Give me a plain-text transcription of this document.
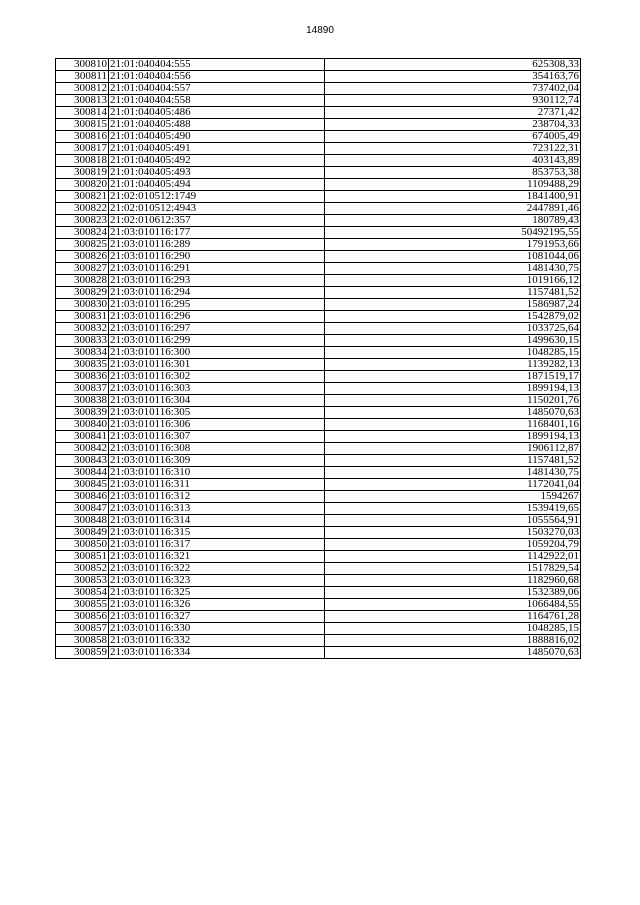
14890
300810	21:01:040404:555	625308,33
300811	21:01:040404:556	354163,76
300812	21:01:040404:557	737402,04
300813	21:01:040404:558	930112,74
300814	21:01:040405:486	27371,42
300815	21:01:040405:488	238704,33
300816	21:01:040405:490	674005,49
300817	21:01:040405:491	723122,31
300818	21:01:040405:492	403143,89
300819	21:01:040405:493	853753,38
300820	21:01:040405:494	1109488,29
300821	21:02:010512:1749	1841400,91
300822	21:02:010512:4943	2447891,46
300823	21:02:010612:357	180789,43
300824	21:03:010116:177	50492195,55
300825	21:03:010116:289	1791953,66
300826	21:03:010116:290	1081044,06
300827	21:03:010116:291	1481430,75
300828	21:03:010116:293	1019166,12
300829	21:03:010116:294	1157481,52
300830	21:03:010116:295	1586987,24
300831	21:03:010116:296	1542879,02
300832	21:03:010116:297	1033725,64
300833	21:03:010116:299	1499630,15
300834	21:03:010116:300	1048285,15
300835	21:03:010116:301	1139282,13
300836	21:03:010116:302	1871519,17
300837	21:03:010116:303	1899194,13
300838	21:03:010116:304	1150201,76
300839	21:03:010116:305	1485070,63
300840	21:03:010116:306	1168401,16
300841	21:03:010116:307	1899194,13
300842	21:03:010116:308	1906112,87
300843	21:03:010116:309	1157481,52
300844	21:03:010116:310	1481430,75
300845	21:03:010116:311	1172041,04
300846	21:03:010116:312	1594267
300847	21:03:010116:313	1539419,65
300848	21:03:010116:314	1055564,91
300849	21:03:010116:315	1503270,03
300850	21:03:010116:317	1059204,79
300851	21:03:010116:321	1142922,01
300852	21:03:010116:322	1517829,54
300853	21:03:010116:323	1182960,68
300854	21:03:010116:325	1532389,06
300855	21:03:010116:326	1066484,55
300856	21:03:010116:327	1164761,28
300857	21:03:010116:330	1048285,15
300858	21:03:010116:332	1888816,02
300859	21:03:010116:334	1485070,63
